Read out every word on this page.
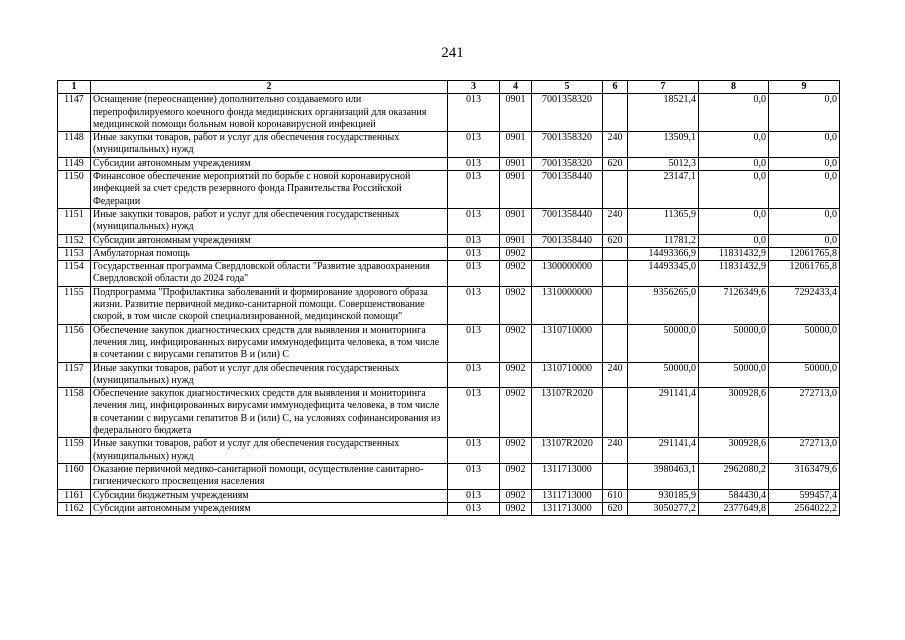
241
1	2	3	4	5	6	7	8	9
1147	Оснащение (переоснащение) дополнительно создаваемого или перепрофилируемого коечного фонда медицинских организаций для оказания медицинской помощи больным новой коронавирусной инфекцией	013	0901	7001358320		18521,4	0,0	0,0
1148	Иные закупки товаров, работ и услуг для обеспечения государственных (муниципальных) нужд	013	0901	7001358320	240	13509,1	0,0	0,0
1149	Субсидии автономным учреждениям	013	0901	7001358320	620	5012,3	0,0	0,0
1150	Финансовое обеспечение мероприятий по борьбе с новой коронавирусной инфекцией за счет средств резервного фонда Правительства Российской Федерации	013	0901	7001358440		23147,1	0,0	0,0
1151	Иные закупки товаров, работ и услуг для обеспечения государственных (муниципальных) нужд	013	0901	7001358440	240	11365,9	0,0	0,0
1152	Субсидии автономным учреждениям	013	0901	7001358440	620	11781,2	0,0	0,0
1153	Амбулаторная помощь	013	0902			14493366,9	11831432,9	12061765,8
1154	Государственная программа Свердловской области "Развитие здравоохранения Свердловской области до 2024 года"	013	0902	1300000000		14493345,0	11831432,9	12061765,8
1155	Подпрограмма "Профилактика заболеваний и формирование здорового образа жизни. Развитие первичной медико-санитарной помощи. Совершенствование скорой, в том числе скорой специализированной, медицинской помощи"	013	0902	1310000000		9356265,0	7126349,6	7292433,4
1156	Обеспечение закупок диагностических средств для выявления и мониторинга лечения лиц, инфицированных вирусами иммунодефицита человека, в том числе в сочетании с вирусами гепатитов В и (или) С	013	0902	1310710000		50000,0	50000,0	50000,0
1157	Иные закупки товаров, работ и услуг для обеспечения государственных (муниципальных) нужд	013	0902	1310710000	240	50000,0	50000,0	50000,0
1158	Обеспечение закупок диагностических средств для выявления и мониторинга лечения лиц, инфицированных вирусами иммунодефицита человека, в том числе в сочетании с вирусами гепатитов В и (или) С, на условиях софинансирования из федерального бюджета	013	0902	13107R2020		291141,4	300928,6	272713,0
1159	Иные закупки товаров, работ и услуг для обеспечения государственных (муниципальных) нужд	013	0902	13107R2020	240	291141,4	300928,6	272713,0
1160	Оказание первичной медико-санитарной помощи, осуществление санитарно-гигиенического просвещения населения	013	0902	1311713000		3980463,1	2962080,2	3163479,6
1161	Субсидии бюджетным учреждениям	013	0902	1311713000	610	930185,9	584430,4	599457,4
1162	Субсидии автономным учреждениям	013	0902	1311713000	620	3050277,2	2377649,8	2564022,2
